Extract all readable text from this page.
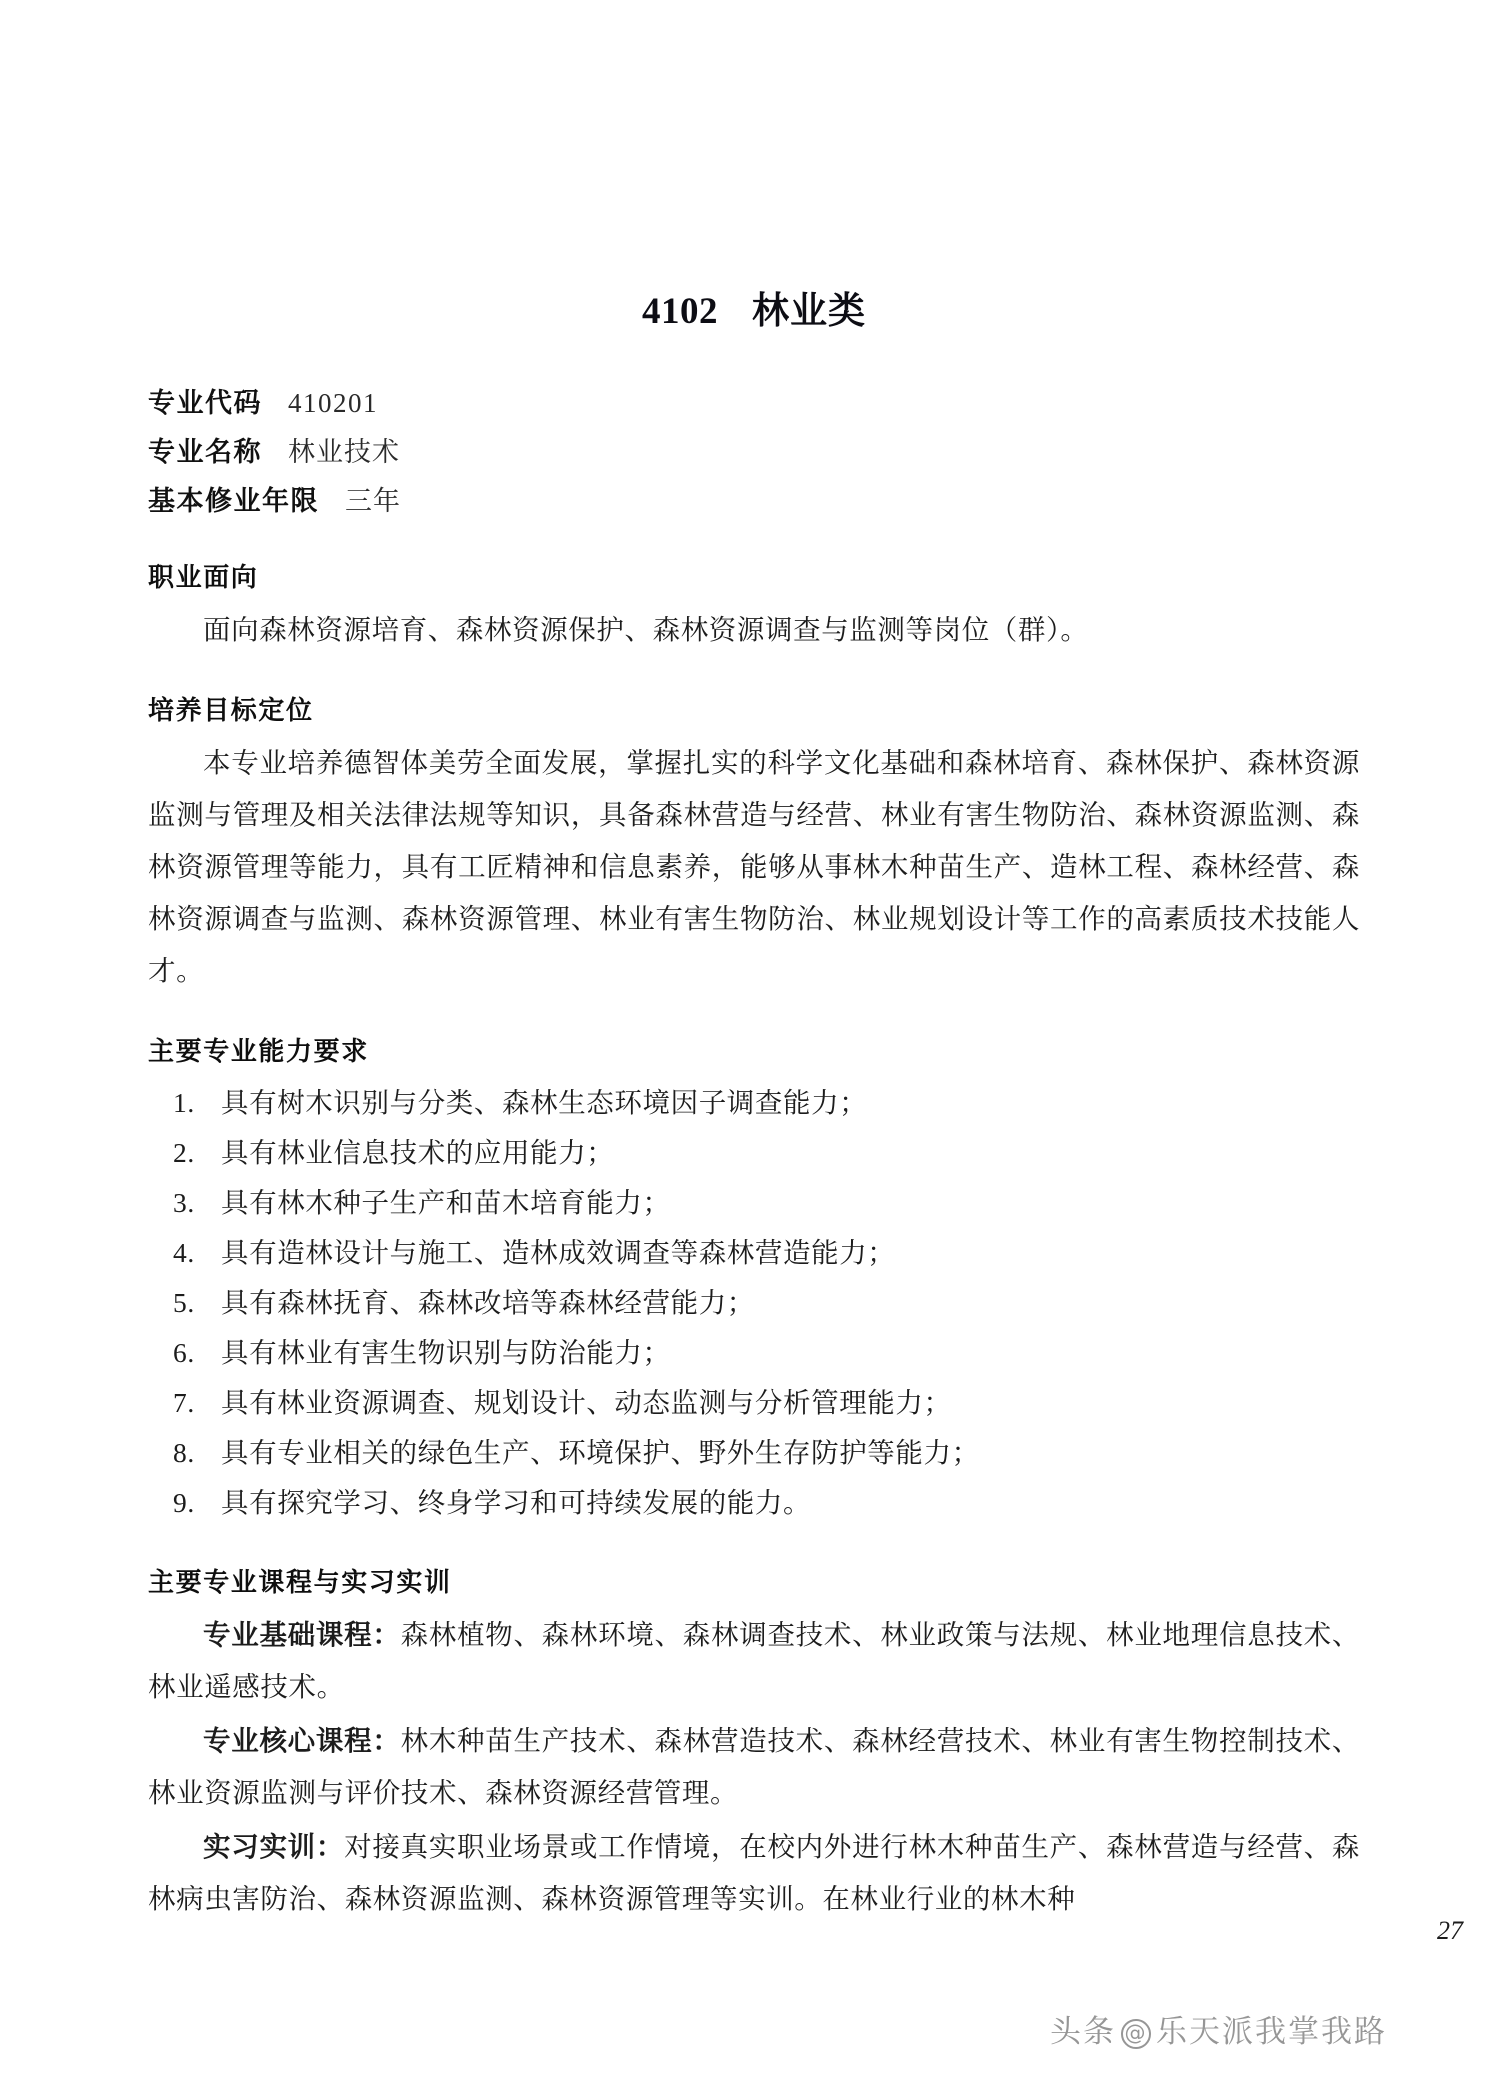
4102 林业类
专业代码 410201
专业名称 林业技术
基本修业年限 三年
职业面向

面向森林资源培育、森林资源保护、森林资源调查与监测等岗位（群）。

培养目标定位

本专业培养德智体美劳全面发展，掌握扎实的科学文化基础和森林培育、森林保护、森林资源监测与管理及相关法律法规等知识，具备森林营造与经营、林业有害生物防治、森林资源监测、森林资源管理等能力，具有工匠精神和信息素养，能够从事林木种苗生产、造林工程、森林经营、森林资源调查与监测、森林资源管理、林业有害生物防治、林业规划设计等工作的高素质技术技能人才。

主要专业能力要求
1. 具有树木识别与分类、森林生态环境因子调查能力；
2. 具有林业信息技术的应用能力；
3. 具有林木种子生产和苗木培育能力；
4. 具有造林设计与施工、造林成效调查等森林营造能力；
5. 具有森林抚育、森林改培等森林经营能力；
6. 具有林业有害生物识别与防治能力；
7. 具有林业资源调查、规划设计、动态监测与分析管理能力；
8. 具有专业相关的绿色生产、环境保护、野外生存防护等能力；
9. 具有探究学习、终身学习和可持续发展的能力。
主要专业课程与实习实训

专业基础课程：森林植物、森林环境、森林调查技术、林业政策与法规、林业地理信息技术、林业遥感技术。

专业核心课程：林木种苗生产技术、森林营造技术、森林经营技术、林业有害生物控制技术、林业资源监测与评价技术、森林资源经营管理。

实习实训：对接真实职业场景或工作情境，在校内外进行林木种苗生产、森林营造与经营、森林病虫害防治、森林资源监测、森林资源管理等实训。在林业行业的林木种

27
头条 @ 乐天派我掌我路
